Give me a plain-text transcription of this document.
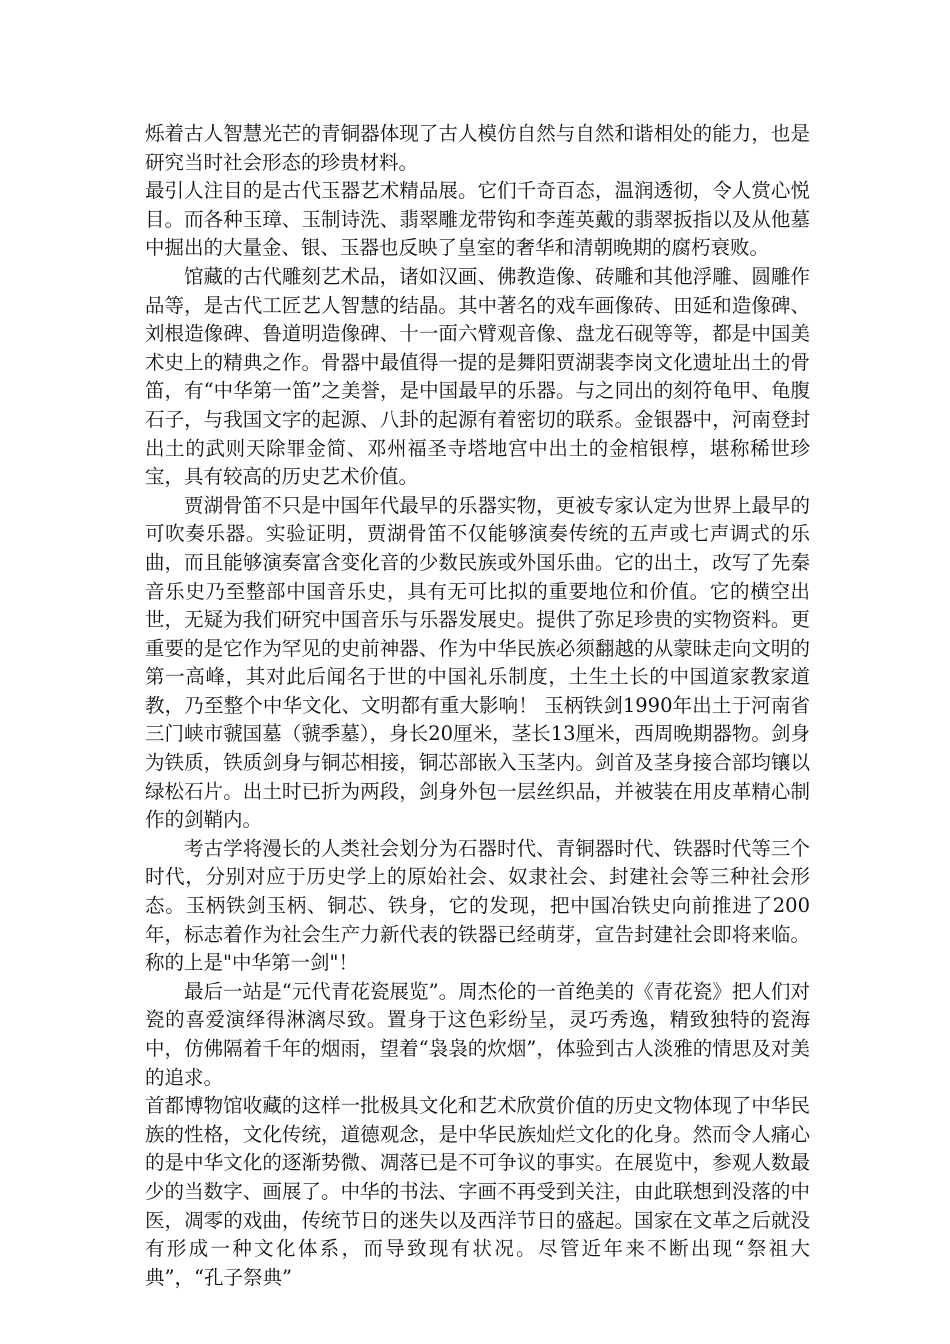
烁着古人智慧光芒的青铜器体现了古人模仿自然与自然和谐相处的能力，也是研究当时社会形态的珍贵材料。

最引人注目的是古代玉器艺术精品展。它们千奇百态，温润透彻，令人赏心悦目。而各种玉璋、玉制诗洗、翡翠雕龙带钩和李莲英戴的翡翠扳指以及从他墓中掘出的大量金、银、玉器也反映了皇室的奢华和清朝晚期的腐朽衰败。

馆藏的古代雕刻艺术品，诸如汉画、佛教造像、砖雕和其他浮雕、圆雕作品等，是古代工匠艺人智慧的结晶。其中著名的戏车画像砖、田延和造像碑、刘根造像碑、鲁道明造像碑、十一面六臂观音像、盘龙石砚等等，都是中国美术史上的精典之作。骨器中最值得一提的是舞阳贾湖裴李岗文化遗址出土的骨笛，有“中华第一笛”之美誉，是中国最早的乐器。与之同出的刻符龟甲、龟腹石子，与我国文字的起源、八卦的起源有着密切的联系。金银器中，河南登封出土的武则天除罪金简、邓州福圣寺塔地宫中出土的金棺银椁，堪称稀世珍宝，具有较高的历史艺术价值。

贾湖骨笛不只是中国年代最早的乐器实物，更被专家认定为世界上最早的可吹奏乐器。实验证明，贾湖骨笛不仅能够演奏传统的五声或七声调式的乐曲，而且能够演奏富含变化音的少数民族或外国乐曲。它的出土，改写了先秦音乐史乃至整部中国音乐史，具有无可比拟的重要地位和价值。它的横空出世，无疑为我们研究中国音乐与乐器发展史。提供了弥足珍贵的实物资料。更重要的是它作为罕见的史前神器、作为中华民族必须翻越的从蒙昧走向文明的第一高峰，其对此后闻名于世的中国礼乐制度，土生土长的中国道家教家道教，乃至整个中华文化、文明都有重大影响！ 玉柄铁剑1990年出土于河南省三门峡市虢国墓（虢季墓），身长20厘米，茎长13厘米，西周晚期器物。剑身为铁质，铁质剑身与铜芯相接，铜芯部嵌入玉茎内。剑首及茎身接合部均镶以绿松石片。出土时已折为两段，剑身外包一层丝织品，并被装在用皮革精心制作的剑鞘内。

考古学将漫长的人类社会划分为石器时代、青铜器时代、铁器时代等三个时代，分别对应于历史学上的原始社会、奴隶社会、封建社会等三种社会形态。玉柄铁剑玉柄、铜芯、铁身，它的发现，把中国冶铁史向前推进了200年，标志着作为社会生产力新代表的铁器已经萌芽，宣告封建社会即将来临。称的上是"中华第一剑"！

最后一站是“元代青花瓷展览”。周杰伦的一首绝美的《青花瓷》把人们对瓷的喜爱演绎得淋漓尽致。置身于这色彩纷呈，灵巧秀逸，精致独特的瓷海中，仿佛隔着千年的烟雨，望着“袅袅的炊烟”，体验到古人淡雅的情思及对美的追求。

首都博物馆收藏的这样一批极具文化和艺术欣赏价值的历史文物体现了中华民族的性格，文化传统，道德观念，是中华民族灿烂文化的化身。然而令人痛心的是中华文化的逐渐势微、凋落已是不可争议的事实。在展览中，参观人数最少的当数字、画展了。中华的书法、字画不再受到关注，由此联想到没落的中医，凋零的戏曲，传统节日的迷失以及西洋节日的盛起。国家在文革之后就没有形成一种文化体系，而导致现有状况。尽管近年来不断出现“祭祖大典”，“孔子祭典”
